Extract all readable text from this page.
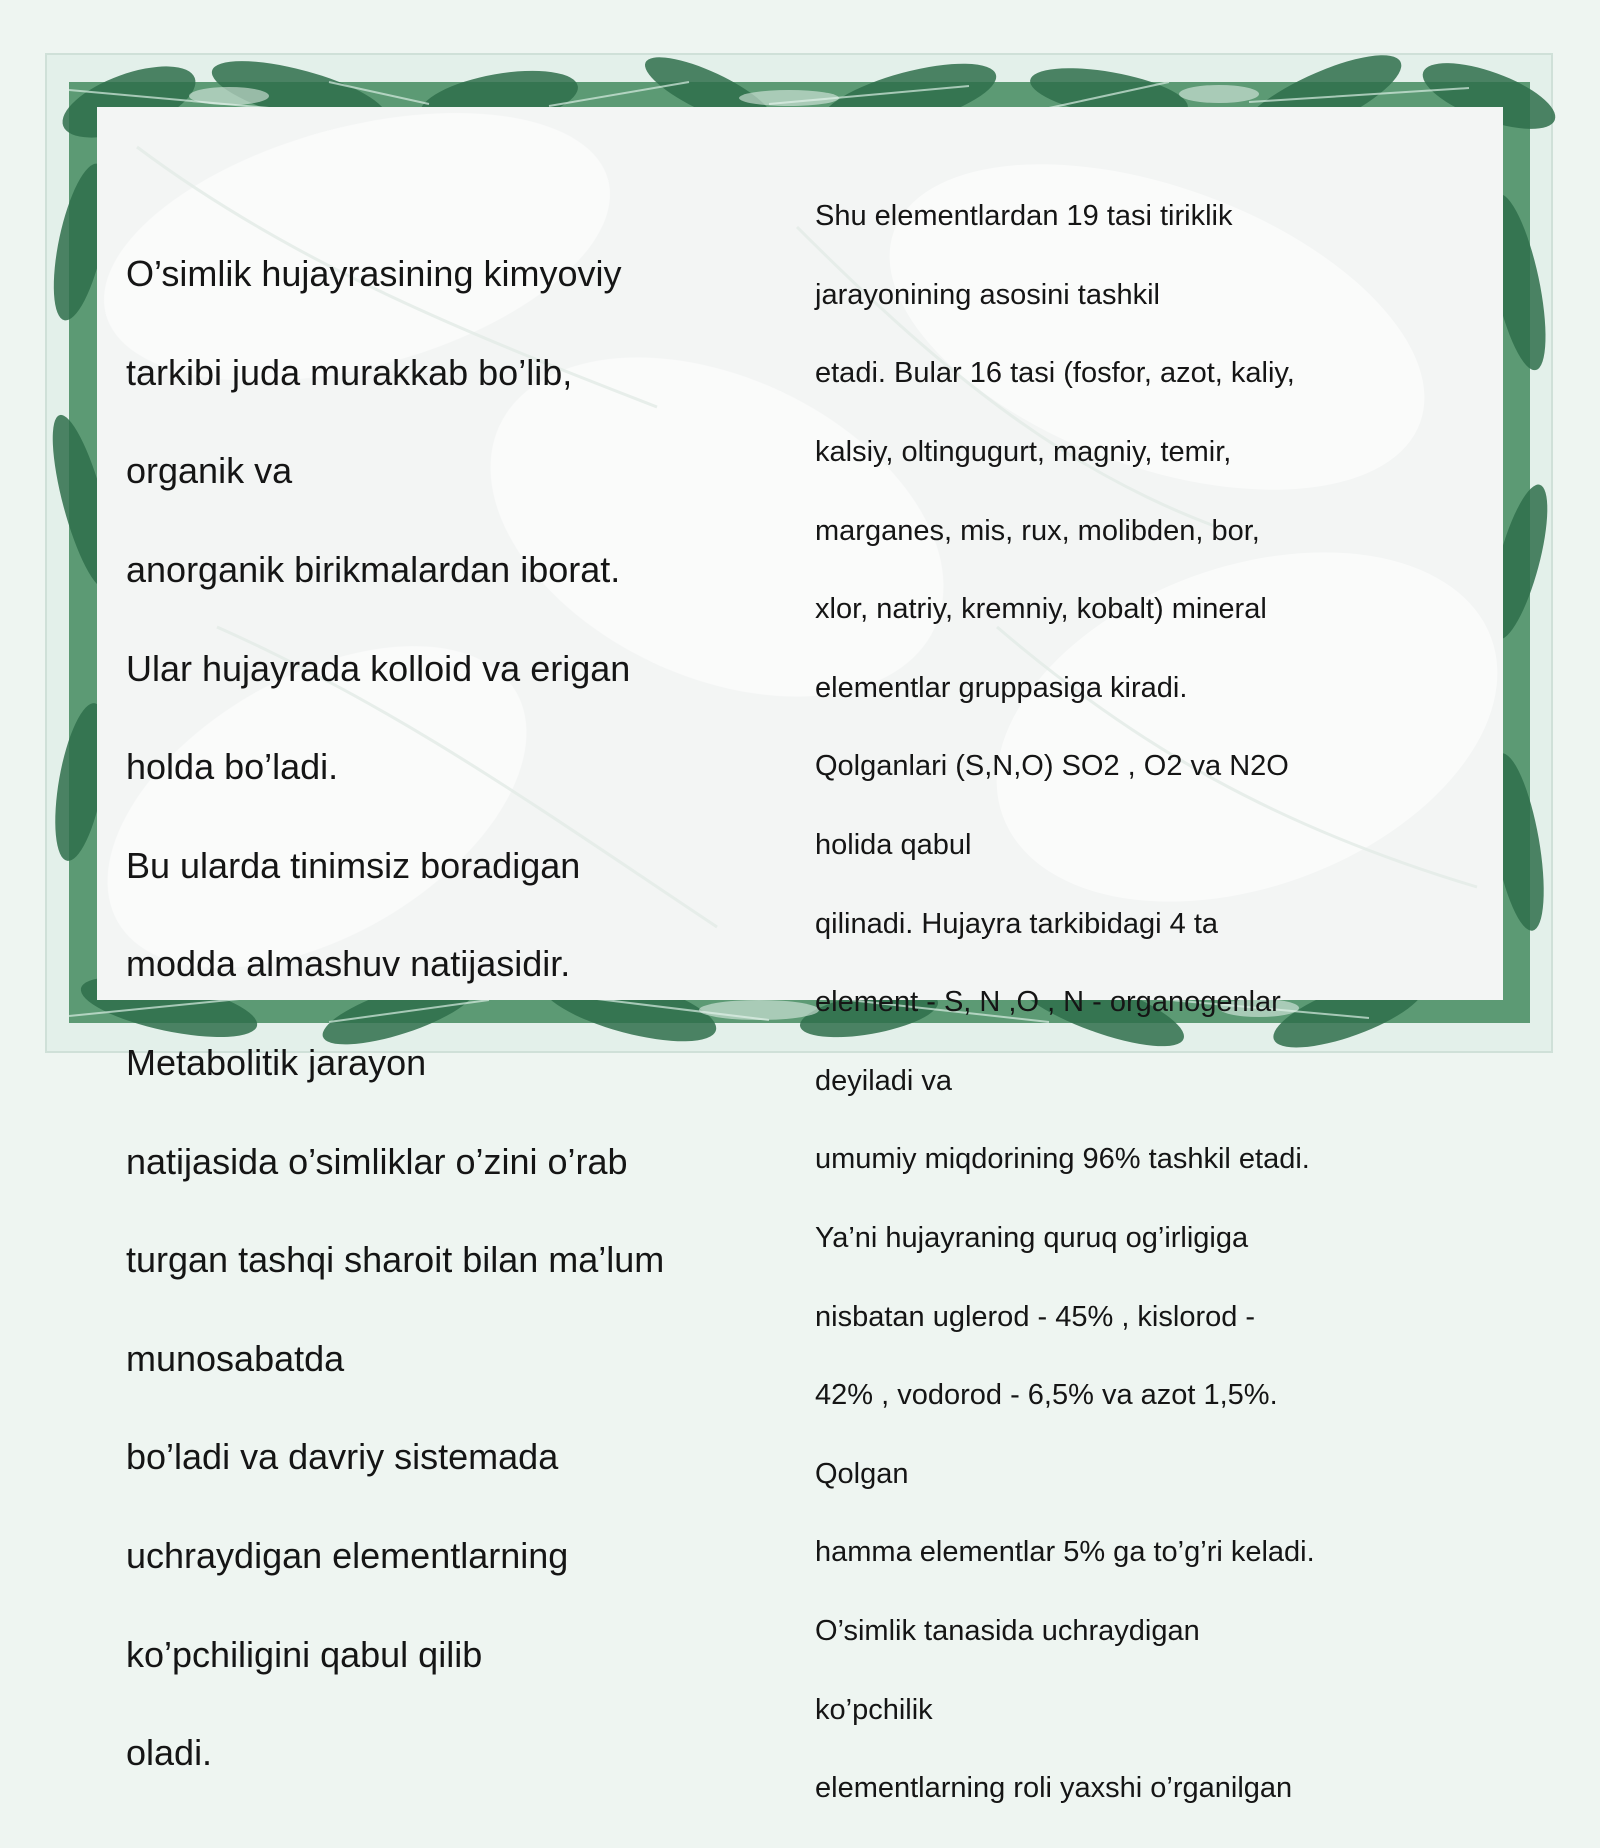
O’simlik hujayrasining kimyoviy

tarkibi juda murakkab bo’lib,

organik va

anorganik birikmalardan iborat.

Ular hujayrada kolloid va erigan

holda bo’ladi.

Bu ularda tinimsiz boradigan

modda almashuv natijasidir.

Metabolitik jarayon

natijasida o’simliklar o’zini o’rab

turgan tashqi sharoit bilan ma’lum

munosabatda

bo’ladi va davriy sistemada

uchraydigan elementlarning

ko’pchiligini qabul qilib

oladi.

Shu elementlardan 19 tasi tiriklik

jarayonining asosini tashkil

etadi. Bular 16 tasi (fosfor, azot, kaliy,

kalsiy, oltingugurt, magniy, temir,

marganes, mis, rux, molibden, bor,

xlor, natriy, kremniy, kobalt) mineral

elementlar gruppasiga kiradi.

Qolganlari (S,N,O) SO2 , O2 va N2O

holida qabul

qilinadi. Hujayra tarkibidagi 4 ta

element - S, N ,O , N - organogenlar

deyiladi va

umumiy miqdorining 96% tashkil etadi.

Ya’ni hujayraning quruq og’irligiga

nisbatan uglerod - 45% , kislorod -

42% , vodorod - 6,5% va azot 1,5%.

Qolgan

hamma elementlar 5% ga to’g’ri keladi.

O’simlik tanasida uchraydigan

ko’pchilik

elementlarning roli yaxshi o’rganilgan
